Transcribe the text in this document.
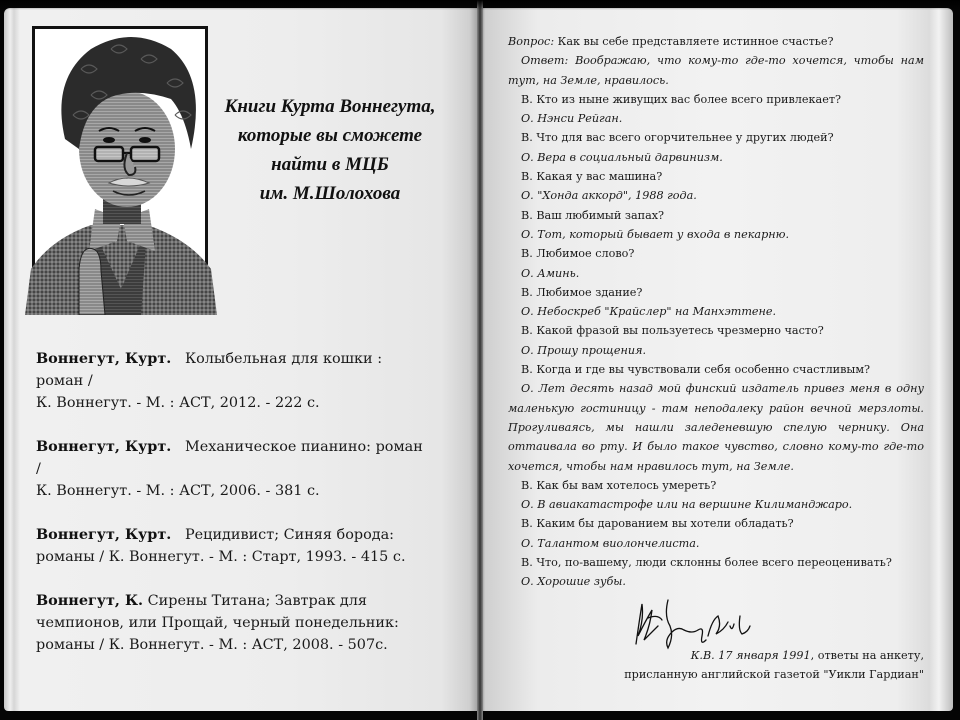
Книги Курта Воннегута,
которые вы сможете
найти в МЦБ
им. М.Шолохова
Воннегут, Курт. Колыбельная для кошки : роман /
К. Воннегут. - М. : АСТ, 2012. - 222 с.
Воннегут, Курт. Механическое пианино: роман /
К. Воннегут. - М. : АСТ, 2006. - 381 с.
Воннегут, Курт. Рецидивист; Синяя борода:
романы / К. Воннегут. - М. : Старт, 1993. - 415 с.
Воннегут, К. Сирены Титана; Завтрак для
чемпионов, или Прощай, черный понедельник:
романы / К. Воннегут. - М. : АСТ, 2008. - 507с.
Вопрос: Как вы себе представляете истинное счастье?
Ответ: Воображаю, что кому-то где-то хочется, чтобы нам тут, на Земле, нравилось.
В. Кто из ныне живущих вас более всего привлекает?
О. Нэнси Рейган.
В. Что для вас всего огорчительнее у других людей?
О. Вера в социальный дарвинизм.
В. Какая у вас машина?
О. "Хонда аккорд", 1988 года.
В. Ваш любимый запах?
О. Тот, который бывает у входа в пекарню.
В. Любимое слово?
О. Аминь.
В. Любимое здание?
О. Небоскреб "Крайслер" на Манхэттене.
В. Какой фразой вы пользуетесь чрезмерно часто?
О. Прошу прощения.
В. Когда и где вы чувствовали себя особенно счастливым?
О. Лет десять назад мой финский издатель привез меня в одну маленькую гостиницу - там неподалеку район вечной мерзлоты. Прогуливаясь, мы нашли заледеневшую спелую чернику. Она оттаивала во рту. И было такое чувство, словно кому-то где-то хочется, чтобы нам нравилось тут, на Земле.
В. Как бы вам хотелось умереть?
О. В авиакатастрофе или на вершине Килиманджаро.
В. Каким бы дарованием вы хотели обладать?
О. Талантом виолончелиста.
В. Что, по-вашему, люди склонны более всего переоценивать?
О. Хорошие зубы.
К.В. 17 января 1991, ответы на анкету,
присланную английской газетой "Уикли Гардиан"
